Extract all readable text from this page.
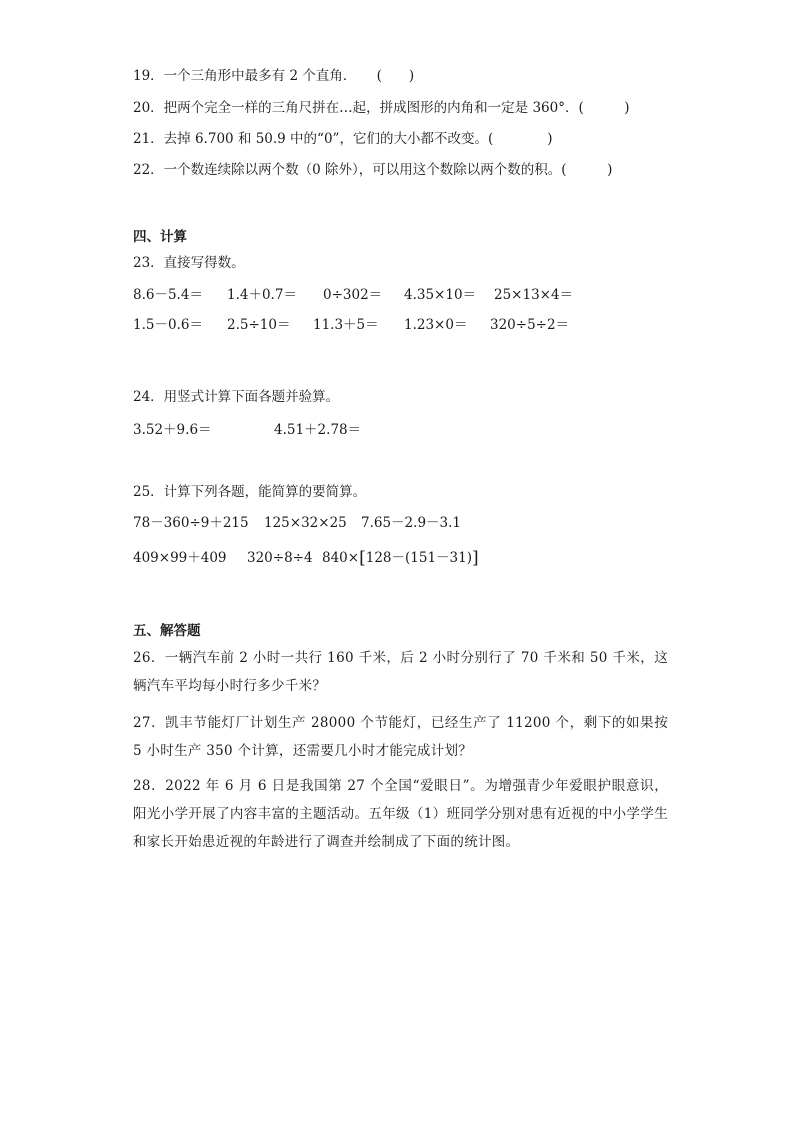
19．一个三角形中最多有 2 个直角．　　(　　)
20．把两个完全一样的三角尺拼在…起，拼成图形的内角和一定是 360°．(　　　)
21．去掉 6.700 和 50.9 中的“0”，它们的大小都不改变。(　　　　)
22．一个数连续除以两个数（0 除外），可以用这个数除以两个数的积。(　　　)
四、计算
23．直接写得数。
8.6－5.4＝ 1.4＋0.7＝ 0÷302＝ 4.35×10＝ 25×13×4＝
1.5－0.6＝ 2.5÷10＝ 11.3＋5＝ 1.23×0＝ 320÷5÷2＝
24．用竖式计算下面各题并验算。
3.52＋9.6＝	4.51＋2.78＝
25．计算下列各题，能简算的要简算。
78－360÷9＋215 125×32×25 7.65－2.9－3.1
409×99＋409 320÷8÷4 840×[128－(151－31)]
五、解答题
26．一辆汽车前 2 小时一共行 160 千米，后 2 小时分别行了 70 千米和 50 千米，这辆汽车平均每小时行多少千米？
27．凯丰节能灯厂计划生产 28000 个节能灯，已经生产了 11200 个，剩下的如果按 5 小时生产 350 个计算，还需要几小时才能完成计划？
28．2022 年 6 月 6 日是我国第 27 个全国“爱眼日”。为增强青少年爱眼护眼意识，阳光小学开展了内容丰富的主题活动。五年级（1）班同学分别对患有近视的中小学学生和家长开始患近视的年龄进行了调查并绘制成了下面的统计图。
